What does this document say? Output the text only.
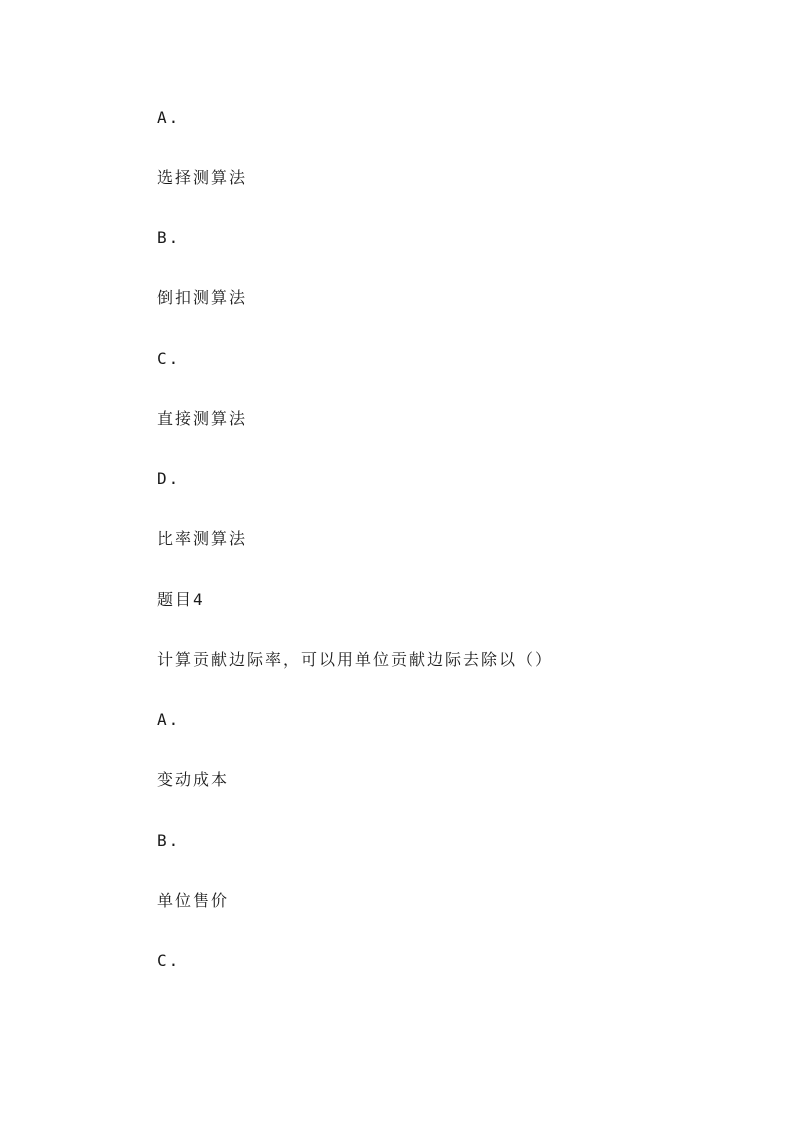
A.
选择测算法
B.
倒扣测算法
C.
直接测算法
D.
比率测算法
题目4
计算贡献边际率，可以用单位贡献边际去除以（）
A.
变动成本
B.
单位售价
C.
